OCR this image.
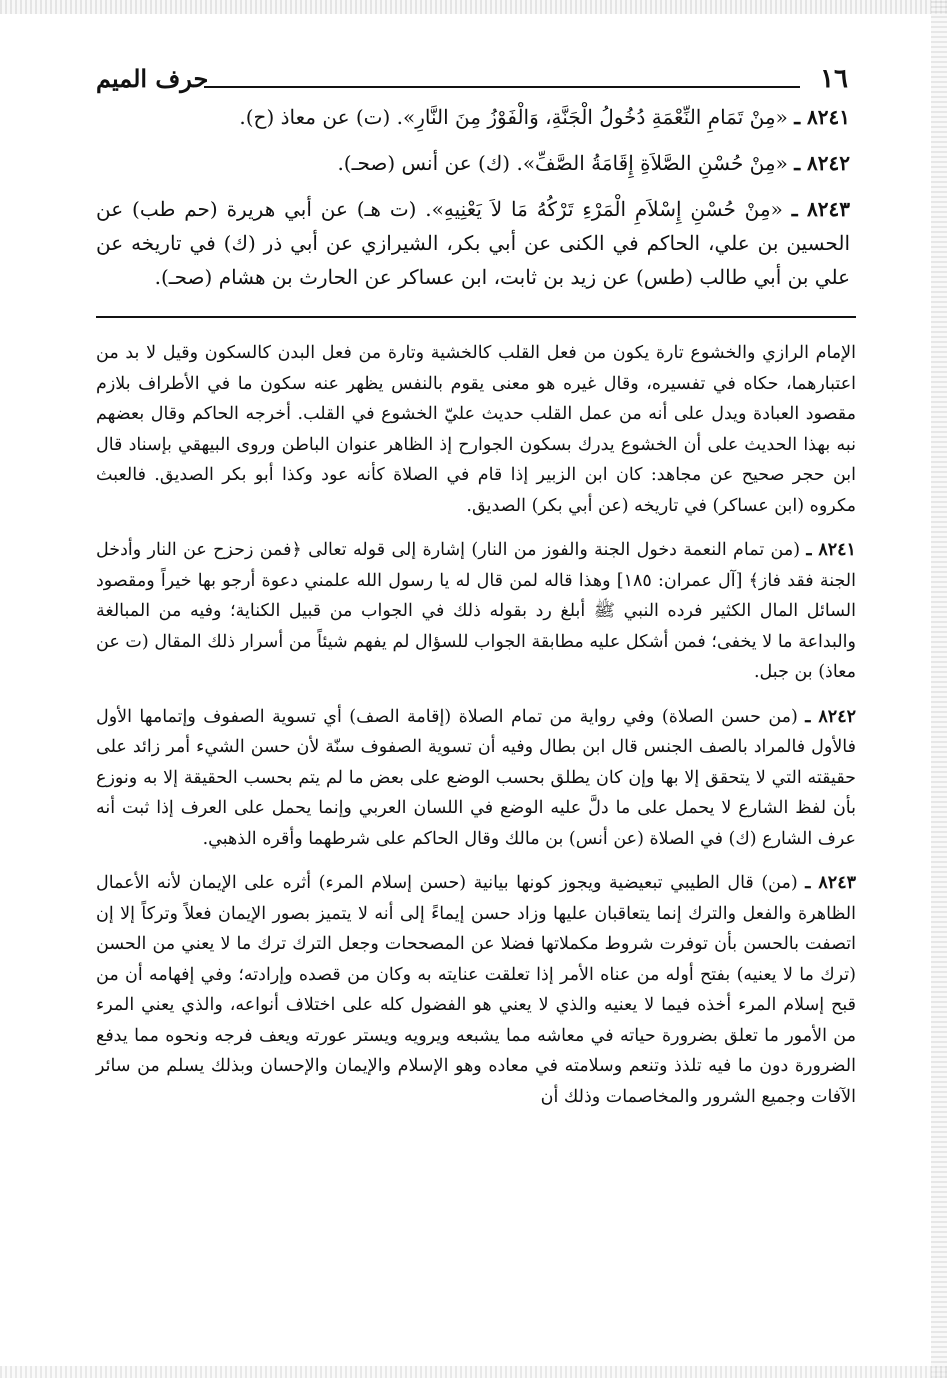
١٦
حرف الميم

٨٢٤١ ـ «مِنْ تَمَامِ النِّعْمَةِ دُخُولُ الْجَنَّةِ، وَالْفَوْزُ مِنَ النَّارِ». (ت) عن معاذ (ح).

٨٢٤٢ ـ «مِنْ حُسْنِ الصَّلاَةِ إِقَامَةُ الصَّفِّ». (ك) عن أنس (صحـ).

٨٢٤٣ ـ «مِنْ حُسْنِ إِسْلاَمِ الْمَرْءِ تَرْكُهُ مَا لاَ يَعْنِيهِ». (ت هـ) عن أبي هريرة (حم طب) عن الحسين بن علي، الحاكم في الكنى عن أبي بكر، الشيرازي عن أبي ذر (ك) في تاريخه عن علي بن أبي طالب (طس) عن زيد بن ثابت، ابن عساكر عن الحارث بن هشام (صحـ).

الإمام الرازي والخشوع تارة يكون من فعل القلب كالخشية وتارة من فعل البدن كالسكون وقيل لا بد من اعتبارهما، حكاه في تفسيره، وقال غيره هو معنى يقوم بالنفس يظهر عنه سكون ما في الأطراف بلازم مقصود العبادة ويدل على أنه من عمل القلب حديث عليّ الخشوع في القلب. أخرجه الحاكم وقال بعضهم نبه بهذا الحديث على أن الخشوع يدرك بسكون الجوارح إذ الظاهر عنوان الباطن وروى البيهقي بإسناد قال ابن حجر صحيح عن مجاهد: كان ابن الزبير إذا قام في الصلاة كأنه عود وكذا أبو بكر الصديق. فالعبث مكروه (ابن عساكر) في تاريخه (عن أبي بكر) الصديق.

٨٢٤١ ـ (من تمام النعمة دخول الجنة والفوز من النار) إشارة إلى قوله تعالى ﴿فمن زحزح عن النار وأدخل الجنة فقد فاز﴾ [آل عمران: ١٨٥] وهذا قاله لمن قال له يا رسول الله علمني دعوة أرجو بها خيراً ومقصود السائل المال الكثير فرده النبي ﷺ أبلغ رد بقوله ذلك في الجواب من قبيل الكناية؛ وفيه من المبالغة والبداعة ما لا يخفى؛ فمن أشكل عليه مطابقة الجواب للسؤال لم يفهم شيئاً من أسرار ذلك المقال (ت عن معاذ) بن جبل.

٨٢٤٢ ـ (من حسن الصلاة) وفي رواية من تمام الصلاة (إقامة الصف) أي تسوية الصفوف وإتمامها الأول فالأول فالمراد بالصف الجنس قال ابن بطال وفيه أن تسوية الصفوف سنّة لأن حسن الشيء أمر زائد على حقيقته التي لا يتحقق إلا بها وإن كان يطلق بحسب الوضع على بعض ما لم يتم بحسب الحقيقة إلا به ونوزع بأن لفظ الشارع لا يحمل على ما دلَّ عليه الوضع في اللسان العربي وإنما يحمل على العرف إذا ثبت أنه عرف الشارع (ك) في الصلاة (عن أنس) بن مالك وقال الحاكم على شرطهما وأقره الذهبي.

٨٢٤٣ ـ (من) قال الطيبي تبعيضية ويجوز كونها بيانية (حسن إسلام المرء) أثره على الإيمان لأنه الأعمال الظاهرة والفعل والترك إنما يتعاقبان عليها وزاد حسن إيماءً إلى أنه لا يتميز بصور الإيمان فعلاً وتركاً إلا إن اتصفت بالحسن بأن توفرت شروط مكملاتها فضلا عن المصححات وجعل الترك ترك ما لا يعني من الحسن (ترك ما لا يعنيه) بفتح أوله من عناه الأمر إذا تعلقت عنايته به وكان من قصده وإرادته؛ وفي إفهامه أن من قبح إسلام المرء أخذه فيما لا يعنيه والذي لا يعني هو الفضول كله على اختلاف أنواعه، والذي يعني المرء من الأمور ما تعلق بضرورة حياته في معاشه مما يشبعه ويرويه ويستر عورته ويعف فرجه ونحوه مما يدفع الضرورة دون ما فيه تلذذ وتنعم وسلامته في معاده وهو الإسلام والإيمان والإحسان وبذلك يسلم من سائر الآفات وجميع الشرور والمخاصمات وذلك أن
